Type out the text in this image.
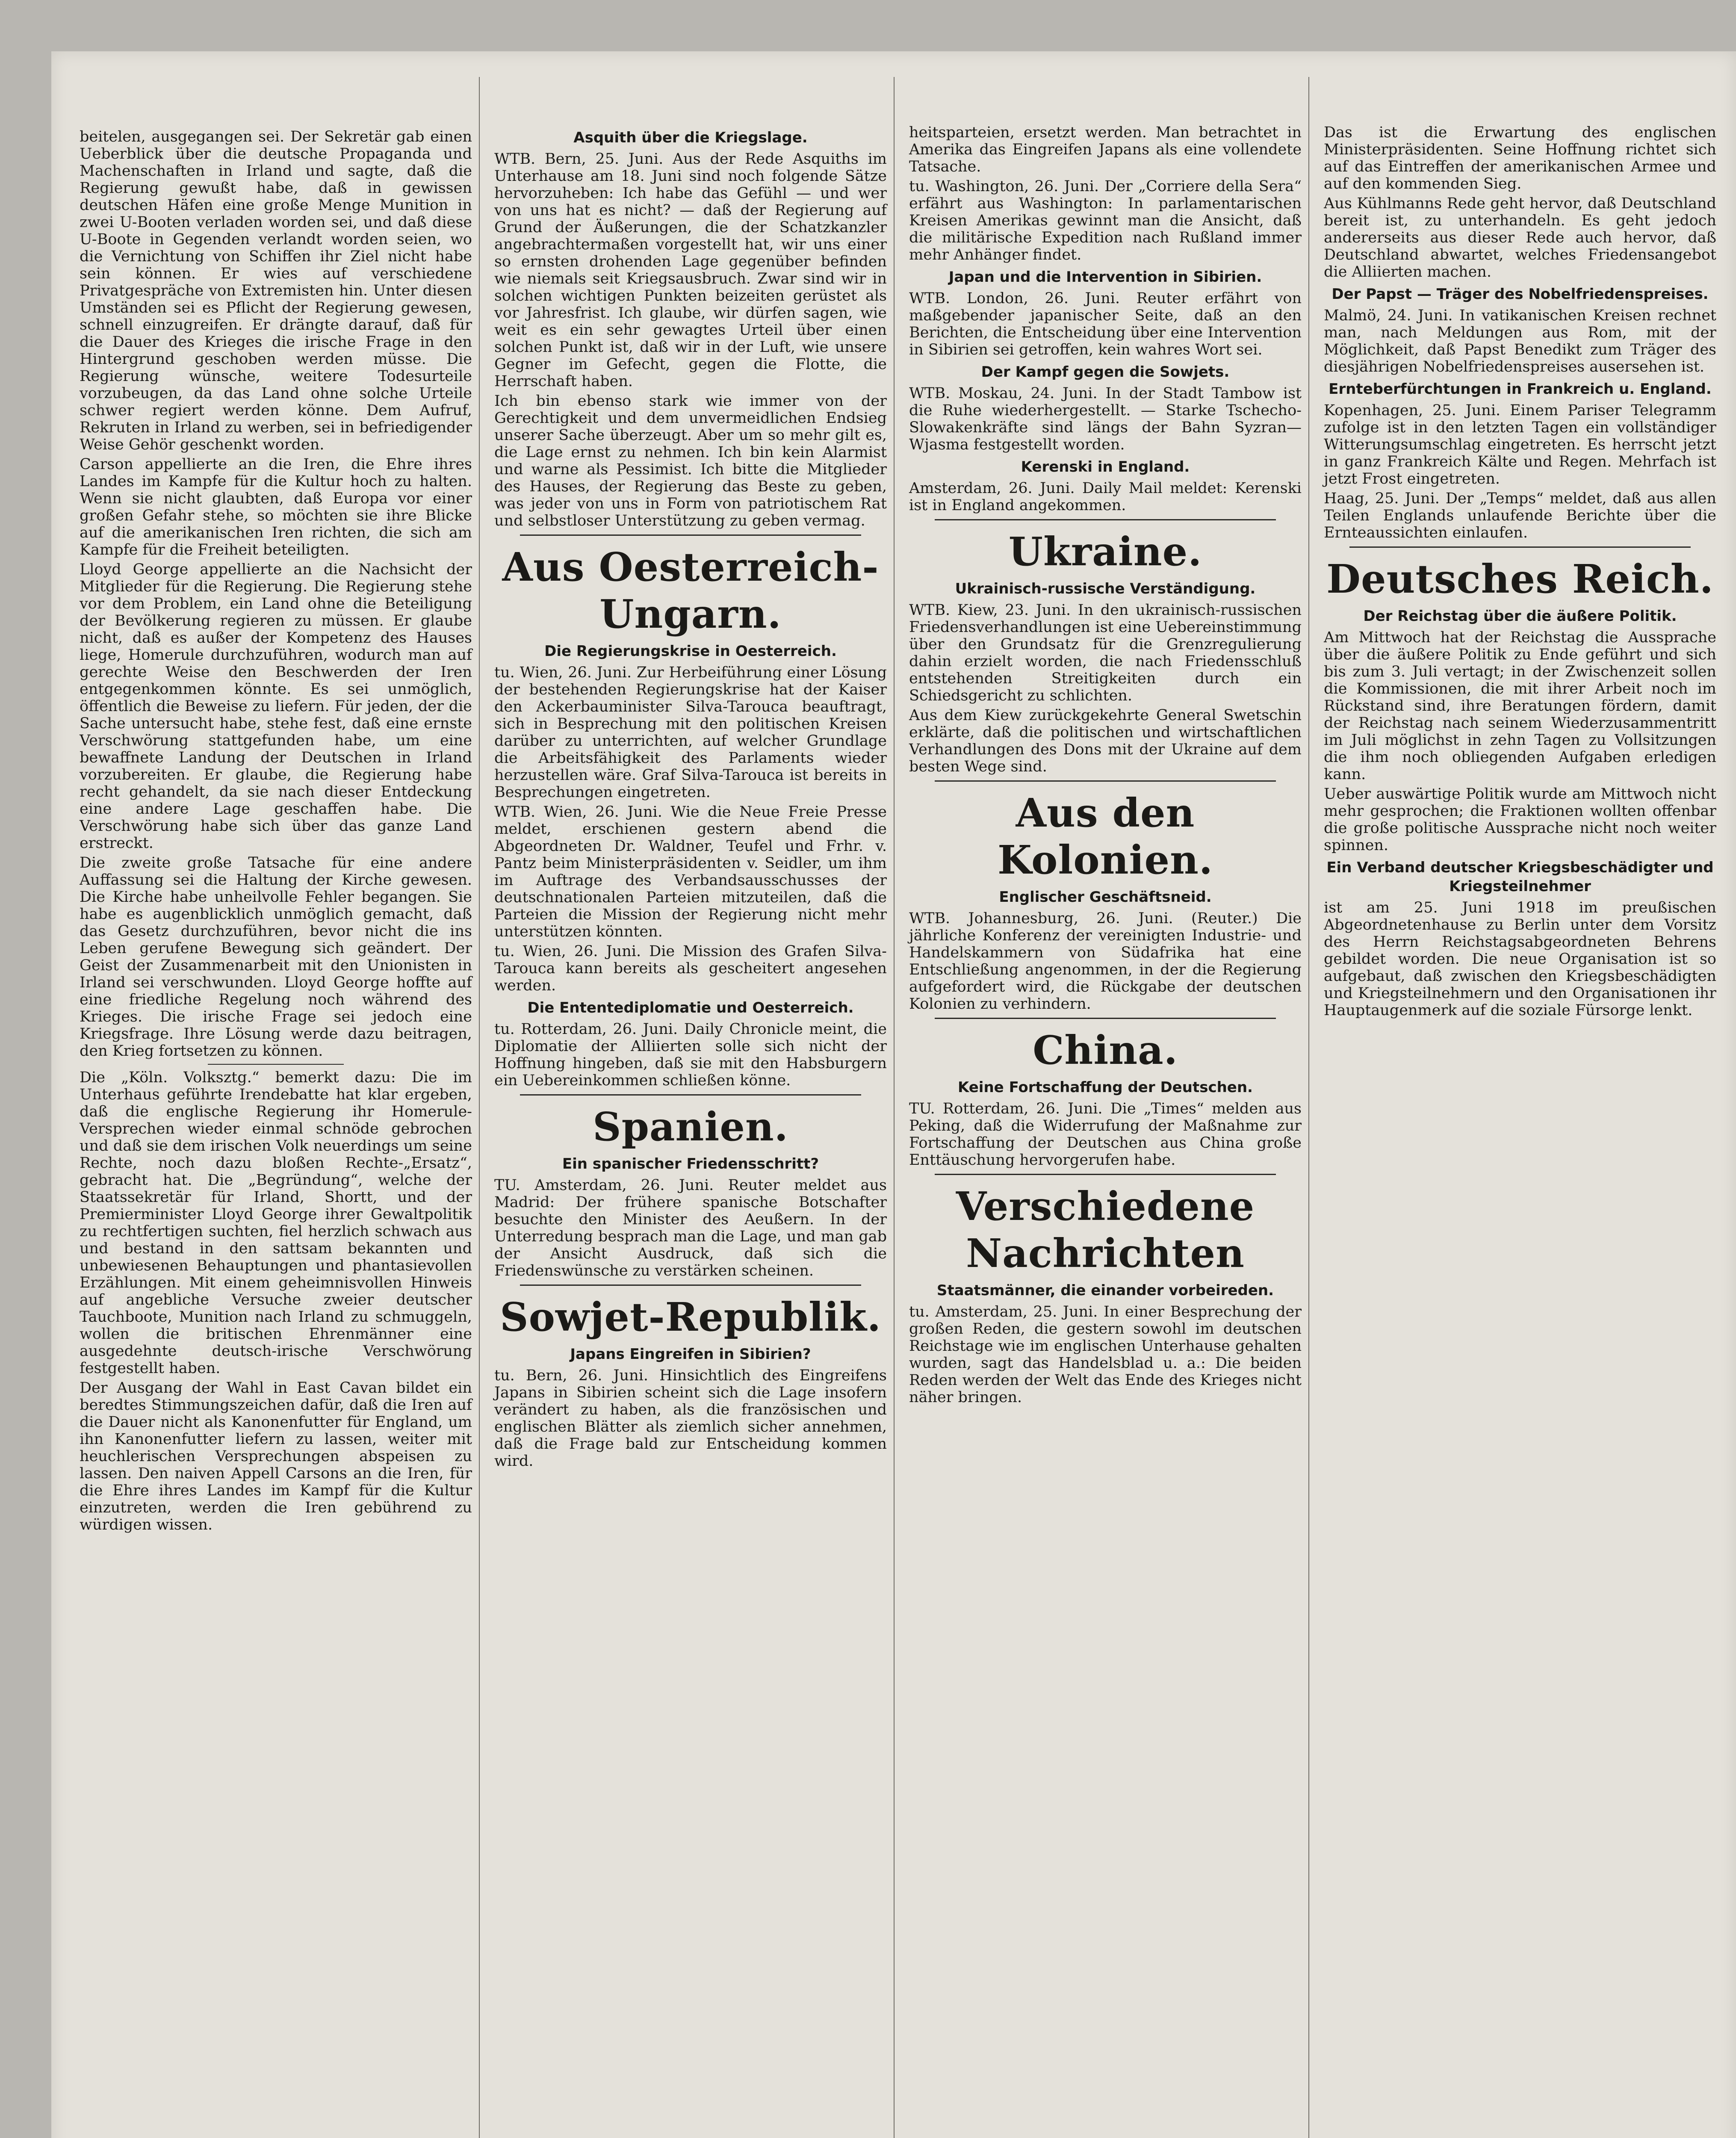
beitelen, ausgegangen sei. Der Sekretär gab einen Ueberblick über die deutsche Propaganda und Machenschaften in Irland und sagte, daß die Regierung gewußt habe, daß in gewissen deutschen Häfen eine große Menge Munition in zwei U-Booten verladen worden sei, und daß diese U-Boote in Gegenden verlandt worden seien, wo die Vernichtung von Schiffen ihr Ziel nicht habe sein können. Er wies auf verschiedene Privatgespräche von Extremisten hin. Unter diesen Umständen sei es Pflicht der Regierung gewesen, schnell einzugreifen. Er drängte darauf, daß für die Dauer des Krieges die irische Frage in den Hintergrund geschoben werden müsse. Die Regierung wünsche, weitere Todesurteile vorzubeugen, da das Land ohne solche Urteile schwer regiert werden könne. Dem Aufruf, Rekruten in Irland zu werben, sei in befriedigender Weise Gehör geschenkt worden.

Carson appellierte an die Iren, die Ehre ihres Landes im Kampfe für die Kultur hoch zu halten. Wenn sie nicht glaubten, daß Europa vor einer großen Gefahr stehe, so möchten sie ihre Blicke auf die amerikanischen Iren richten, die sich am Kampfe für die Freiheit beteiligten.

Lloyd George appellierte an die Nachsicht der Mitglieder für die Regierung. Die Regierung stehe vor dem Problem, ein Land ohne die Beteiligung der Bevölkerung regieren zu müssen. Er glaube nicht, daß es außer der Kompetenz des Hauses liege, Homerule durchzuführen, wodurch man auf gerechte Weise den Beschwerden der Iren entgegenkommen könnte. Es sei unmöglich, öffentlich die Beweise zu liefern. Für jeden, der die Sache untersucht habe, stehe fest, daß eine ernste Verschwörung stattgefunden habe, um eine bewaffnete Landung der Deutschen in Irland vorzubereiten. Er glaube, die Regierung habe recht gehandelt, da sie nach dieser Entdeckung eine andere Lage geschaffen habe. Die Verschwörung habe sich über das ganze Land erstreckt.

Die zweite große Tatsache für eine andere Auffassung sei die Haltung der Kirche gewesen. Die Kirche habe unheilvolle Fehler begangen. Sie habe es augenblicklich unmöglich gemacht, daß das Gesetz durchzuführen, bevor nicht die ins Leben gerufene Bewegung sich geändert. Der Geist der Zusammenarbeit mit den Unionisten in Irland sei verschwunden. Lloyd George hoffte auf eine friedliche Regelung noch während des Krieges. Die irische Frage sei jedoch eine Kriegsfrage. Ihre Lösung werde dazu beitragen, den Krieg fortsetzen zu können.

Die „Köln. Volksztg.“ bemerkt dazu: Die im Unterhaus geführte Irendebatte hat klar ergeben, daß die englische Regierung ihr Homerule-Versprechen wieder einmal schnöde gebrochen und daß sie dem irischen Volk neuerdings um seine Rechte, noch dazu bloßen Rechte-„Ersatz“, gebracht hat. Die „Begründung“, welche der Staatssekretär für Irland, Shortt, und der Premierminister Lloyd George ihrer Gewaltpolitik zu rechtfertigen suchten, fiel herzlich schwach aus und bestand in den sattsam bekannten und unbewiesenen Behauptungen und phantasievollen Erzählungen. Mit einem geheimnisvollen Hinweis auf angebliche Versuche zweier deutscher Tauchboote, Munition nach Irland zu schmuggeln, wollen die britischen Ehrenmänner eine ausgedehnte deutsch-irische Verschwörung festgestellt haben.

Der Ausgang der Wahl in East Cavan bildet ein beredtes Stimmungszeichen dafür, daß die Iren auf die Dauer nicht als Kanonenfutter für England, um ihn Kanonenfutter liefern zu lassen, weiter mit heuchlerischen Versprechungen abspeisen zu lassen. Den naiven Appell Carsons an die Iren, für die Ehre ihres Landes im Kampf für die Kultur einzutreten, werden die Iren gebührend zu würdigen wissen.

Asquith über die Kriegslage.

WTB. Bern, 25. Juni. Aus der Rede Asquiths im Unterhause am 18. Juni sind noch folgende Sätze hervorzuheben: Ich habe das Gefühl — und wer von uns hat es nicht? — daß der Regierung auf Grund der Äußerungen, die der Schatzkanzler angebrachtermaßen vorgestellt hat, wir uns einer so ernsten drohenden Lage gegenüber befinden wie niemals seit Kriegsausbruch. Zwar sind wir in solchen wichtigen Punkten beizeiten gerüstet als vor Jahresfrist. Ich glaube, wir dürfen sagen, wie weit es ein sehr gewagtes Urteil über einen solchen Punkt ist, daß wir in der Luft, wie unsere Gegner im Gefecht, gegen die Flotte, die Herrschaft haben.

Ich bin ebenso stark wie immer von der Gerechtigkeit und dem unvermeidlichen Endsieg unserer Sache überzeugt. Aber um so mehr gilt es, die Lage ernst zu nehmen. Ich bin kein Alarmist und warne als Pessimist. Ich bitte die Mitglieder des Hauses, der Regierung das Beste zu geben, was jeder von uns in Form von patriotischem Rat und selbstloser Unterstützung zu geben vermag.

Aus Oesterreich-Ungarn.
Die Regierungskrise in Oesterreich.

tu. Wien, 26. Juni. Zur Herbeiführung einer Lösung der bestehenden Regierungskrise hat der Kaiser den Ackerbauminister Silva-Tarouca beauftragt, sich in Besprechung mit den politischen Kreisen darüber zu unterrichten, auf welcher Grundlage die Arbeitsfähigkeit des Parlaments wieder herzustellen wäre. Graf Silva-Tarouca ist bereits in Besprechungen eingetreten.

WTB. Wien, 26. Juni. Wie die Neue Freie Presse meldet, erschienen gestern abend die Abgeordneten Dr. Waldner, Teufel und Frhr. v. Pantz beim Ministerpräsidenten v. Seidler, um ihm im Auftrage des Verbandsausschusses der deutschnationalen Parteien mitzuteilen, daß die Parteien die Mission der Regierung nicht mehr unterstützen könnten.

tu. Wien, 26. Juni. Die Mission des Grafen Silva-Tarouca kann bereits als gescheitert angesehen werden.

Die Ententediplomatie und Oesterreich.

tu. Rotterdam, 26. Juni. Daily Chronicle meint, die Diplomatie der Alliierten solle sich nicht der Hoffnung hingeben, daß sie mit den Habsburgern ein Uebereinkommen schließen könne.

Spanien.
Ein spanischer Friedensschritt?

TU. Amsterdam, 26. Juni. Reuter meldet aus Madrid: Der frühere spanische Botschafter besuchte den Minister des Aeußern. In der Unterredung besprach man die Lage, und man gab der Ansicht Ausdruck, daß sich die Friedenswünsche zu verstärken scheinen.

Sowjet-Republik.
Japans Eingreifen in Sibirien?

tu. Bern, 26. Juni. Hinsichtlich des Eingreifens Japans in Sibirien scheint sich die Lage insofern verändert zu haben, als die französischen und englischen Blätter als ziemlich sicher annehmen, daß die Frage bald zur Entscheidung kommen wird.

heitsparteien, ersetzt werden. Man betrachtet in Amerika das Eingreifen Japans als eine vollendete Tatsache.

tu. Washington, 26. Juni. Der „Corriere della Sera“ erfährt aus Washington: In parlamentarischen Kreisen Amerikas gewinnt man die Ansicht, daß die militärische Expedition nach Rußland immer mehr Anhänger findet.

Japan und die Intervention in Sibirien.

WTB. London, 26. Juni. Reuter erfährt von maßgebender japanischer Seite, daß an den Berichten, die Entscheidung über eine Intervention in Sibirien sei getroffen, kein wahres Wort sei.

Der Kampf gegen die Sowjets.

WTB. Moskau, 24. Juni. In der Stadt Tambow ist die Ruhe wiederhergestellt. — Starke Tschecho-Slowakenkräfte sind längs der Bahn Syzran—Wjasma festgestellt worden.

Kerenski in England.

Amsterdam, 26. Juni. Daily Mail meldet: Kerenski ist in England angekommen.

Ukraine.
Ukrainisch-russische Verständigung.

WTB. Kiew, 23. Juni. In den ukrainisch-russischen Friedensverhandlungen ist eine Uebereinstimmung über den Grundsatz für die Grenzregulierung dahin erzielt worden, die nach Friedensschluß entstehenden Streitigkeiten durch ein Schiedsgericht zu schlichten.

Aus dem Kiew zurückgekehrte General Swetschin erklärte, daß die politischen und wirtschaftlichen Verhandlungen des Dons mit der Ukraine auf dem besten Wege sind.

Aus den Kolonien.
Englischer Geschäftsneid.

WTB. Johannesburg, 26. Juni. (Reuter.) Die jährliche Konferenz der vereinigten Industrie- und Handelskammern von Südafrika hat eine Entschließung angenommen, in der die Regierung aufgefordert wird, die Rückgabe der deutschen Kolonien zu verhindern.

China.
Keine Fortschaffung der Deutschen.

TU. Rotterdam, 26. Juni. Die „Times“ melden aus Peking, daß die Widerrufung der Maßnahme zur Fortschaffung der Deutschen aus China große Enttäuschung hervorgerufen habe.

Verschiedene Nachrichten
Staatsmänner, die einander vorbeireden.

tu. Amsterdam, 25. Juni. In einer Besprechung der großen Reden, die gestern sowohl im deutschen Reichstage wie im englischen Unterhause gehalten wurden, sagt das Handelsblad u. a.: Die beiden Reden werden der Welt das Ende des Krieges nicht näher bringen.

Das ist die Erwartung des englischen Ministerpräsidenten. Seine Hoffnung richtet sich auf das Eintreffen der amerikanischen Armee und auf den kommenden Sieg.

Aus Kühlmanns Rede geht hervor, daß Deutschland bereit ist, zu unterhandeln. Es geht jedoch andererseits aus dieser Rede auch hervor, daß Deutschland abwartet, welches Friedensangebot die Alliierten machen.

Der Papst — Träger des Nobelfriedenspreises.

Malmö, 24. Juni. In vatikanischen Kreisen rechnet man, nach Meldungen aus Rom, mit der Möglichkeit, daß Papst Benedikt zum Träger des diesjährigen Nobelfriedenspreises ausersehen ist.

Ernteberfürchtungen in Frankreich u. England.

Kopenhagen, 25. Juni. Einem Pariser Telegramm zufolge ist in den letzten Tagen ein vollständiger Witterungsumschlag eingetreten. Es herrscht jetzt in ganz Frankreich Kälte und Regen. Mehrfach ist jetzt Frost eingetreten.

Haag, 25. Juni. Der „Temps“ meldet, daß aus allen Teilen Englands unlaufende Berichte über die Ernteaussichten einlaufen.

Deutsches Reich.
Der Reichstag über die äußere Politik.

Am Mittwoch hat der Reichstag die Aussprache über die äußere Politik zu Ende geführt und sich bis zum 3. Juli vertagt; in der Zwischenzeit sollen die Kommissionen, die mit ihrer Arbeit noch im Rückstand sind, ihre Beratungen fördern, damit der Reichstag nach seinem Wiederzusammentritt im Juli möglichst in zehn Tagen zu Vollsitzungen die ihm noch obliegenden Aufgaben erledigen kann.

Ueber auswärtige Politik wurde am Mittwoch nicht mehr gesprochen; die Fraktionen wollten offenbar die große politische Aussprache nicht noch weiter spinnen.

Ein Verband deutscher Kriegsbeschädigter und Kriegsteilnehmer

ist am 25. Juni 1918 im preußischen Abgeordnetenhause zu Berlin unter dem Vorsitz des Herrn Reichstagsabgeordneten Behrens gebildet worden. Die neue Organisation ist so aufgebaut, daß zwischen den Kriegsbeschädigten und Kriegsteilnehmern und den Organisationen ihr Hauptaugenmerk auf die soziale Fürsorge lenkt.
